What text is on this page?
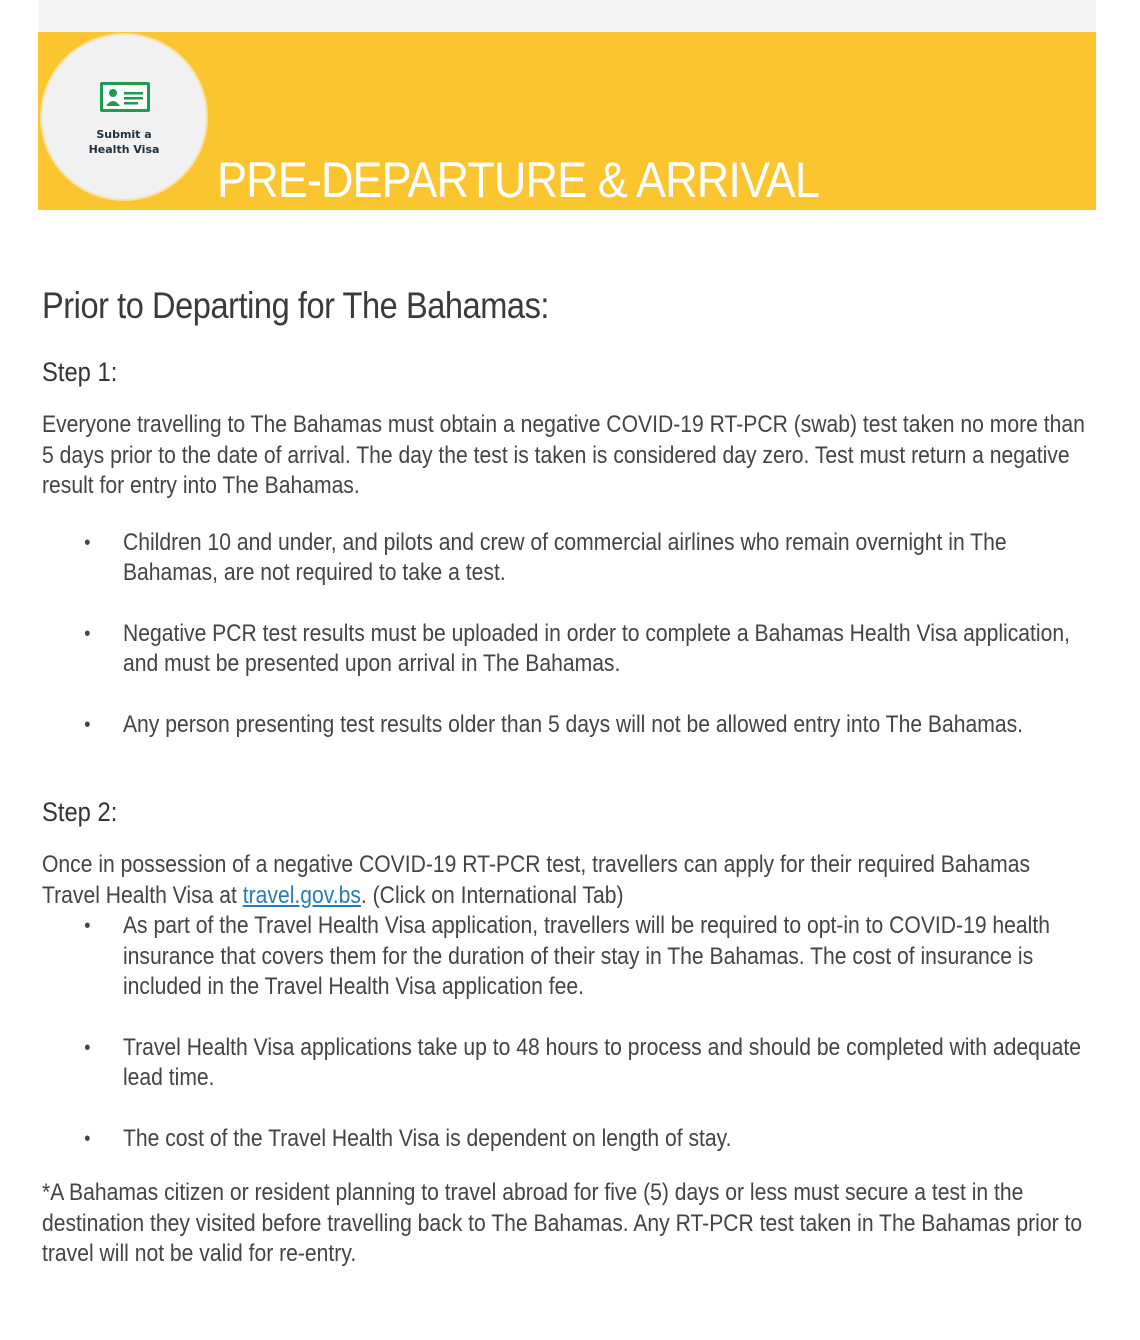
Submit a
Health Visa
PRE-DEPARTURE & ARRIVAL
Prior to Departing for The Bahamas:
Step 1:

Everyone travelling to The Bahamas must obtain a negative COVID-19 RT-PCR (swab) test taken no more than 5 days prior to the date of arrival. The day the test is taken is considered day zero. Test must return a negative result for entry into The Bahamas.

• Children 10 and under, and pilots and crew of commercial airlines who remain overnight in The Bahamas, are not required to take a test.
• Negative PCR test results must be uploaded in order to complete a Bahamas Health Visa application, and must be presented upon arrival in The Bahamas.
• Any person presenting test results older than 5 days will not be allowed entry into The Bahamas.
Step 2:

Once in possession of a negative COVID-19 RT-PCR test, travellers can apply for their required Bahamas Travel Health Visa at travel.gov.bs. (Click on International Tab)

• As part of the Travel Health Visa application, travellers will be required to opt-in to COVID-19 health insurance that covers them for the duration of their stay in The Bahamas. The cost of insurance is included in the Travel Health Visa application fee.
• Travel Health Visa applications take up to 48 hours to process and should be completed with adequate lead time.
• The cost of the Travel Health Visa is dependent on length of stay.

*A Bahamas citizen or resident planning to travel abroad for five (5) days or less must secure a test in the destination they visited before travelling back to The Bahamas. Any RT-PCR test taken in The Bahamas prior to travel will not be valid for re-entry.
